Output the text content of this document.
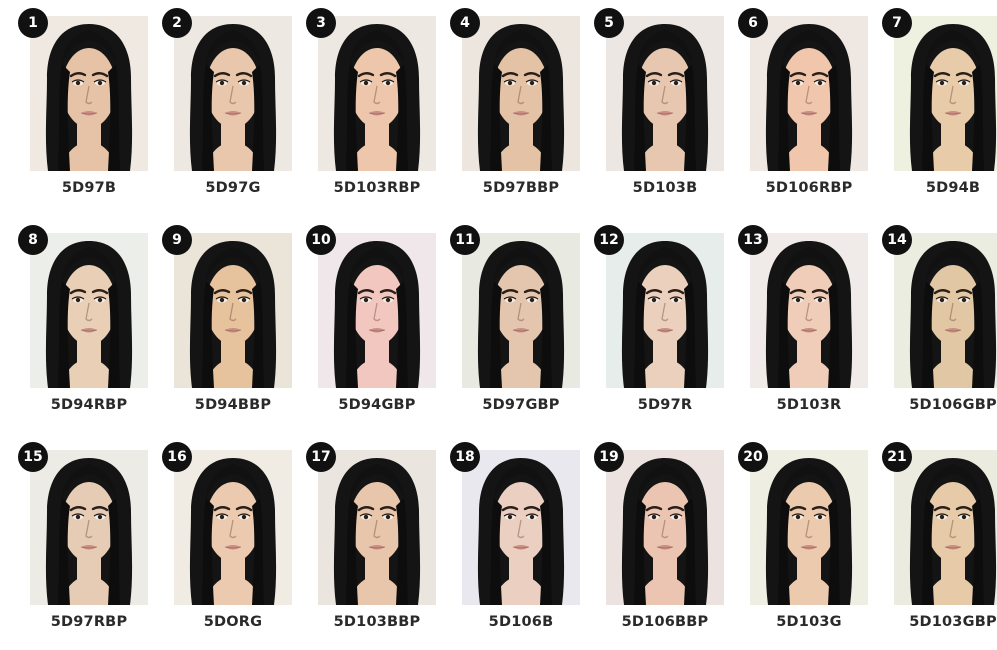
1
5D97B
2
5D97G
3
5D103RBP
4
5D97BBP
5
5D103B
6
5D106RBP
7
5D94B
8
5D94RBP
9
5D94BBP
10
5D94GBP
11
5D97GBP
12
5D97R
13
5D103R
14
5D106GBP
15
5D97RBP
16
5DORG
17
5D103BBP
18
5D106B
19
5D106BBP
20
5D103G
21
5D103GBP
